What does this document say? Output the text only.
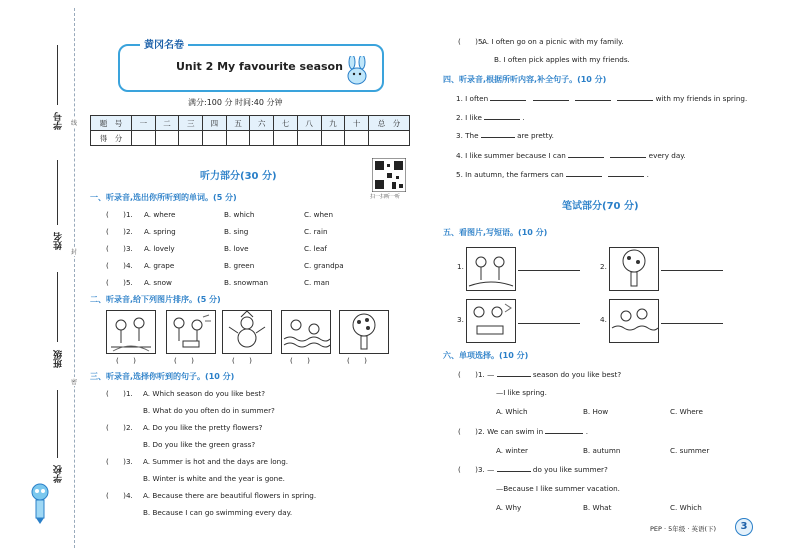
学号
姓名
班级
学校
线
封
密
黄冈名卷
Unit 2 My favourite season
满分:100 分 时间:40 分钟
题　号	一	二	三	四	五	六	七	八	九	十	总　分
得　分											
听力部分(30 分)
扫一扫听一听
一、听录音,选出你所听到的单词。(5 分)
(　　)1. A. where	B. which	C. when
(　　)2. A. spring	B. sing	C. rain
(　　)3. A. lovely	B. love	C. leaf
(　　)4. A. grape	B. green	C. grandpa
(　　)5. A. snow	B. snowman	C. man
二、听录音,给下列图片排序。(5 分)
(　　)	(　　)	(　　)	(　　)	(　　)
三、听录音,选择你听到的句子。(10 分)
(　　)1. A. Which season do you like best?
B. What do you often do in summer?
(　　)2. A. Do you like the pretty flowers?
B. Do you like the green grass?
(　　)3. A. Summer is hot and the days are long.
B. Winter is white and the year is gone.
(　　)4. A. Because there are beautiful flowers in spring.
B. Because I can go swimming every day.
(　　)5.
A. I often go on a picnic with my family.
B. I often pick apples with my friends.
四、听录音,根据所听内容,补全句子。(10 分)
1. I often	with my friends in spring.
2. I like	.
3. The	are pretty.
4. I like summer because I can	every day.
5. In autumn, the farmers can	.
笔试部分(70 分)
五、看图片,写短语。(10 分)
1.	2.
3.	4.
六、单项选择。(10 分)
(　　)1. —	season do you like best?
—I like spring.
A. Which	B. How	C. Where
(　　)2. We can swim in	.
A. winter	B. autumn	C. summer
(　　)3. —	do you like summer?
—Because I like summer vacation.
A. Why	B. What	C. Which
PEP · 5年级 · 英语(下)	3
